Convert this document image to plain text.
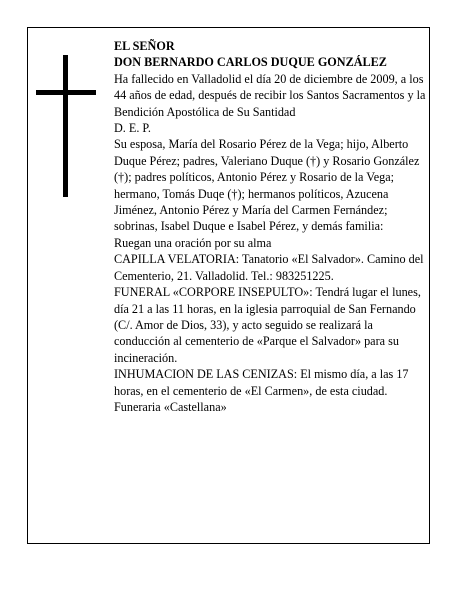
EL SEÑOR

DON BERNARDO CARLOS DUQUE GONZÁLEZ

Ha fallecido en Valladolid el día 20 de diciembre de 2009, a los 44 años de edad, después de recibir los Santos Sacramentos y la Bendición Apostólica de Su Santidad

D. E. P.

Su esposa, María del Rosario Pérez de la Vega; hijo, Alberto Duque Pérez; padres, Valeriano Duque (†) y Rosario González (†); padres políticos, Antonio Pérez y Rosario de la Vega; hermano, Tomás Duqe (†); hermanos políticos, Azucena Jiménez, Antonio Pérez y María del Carmen Fernández; sobrinas, Isabel Duque e Isabel Pérez, y demás familia:

Ruegan una oración por su alma

CAPILLA VELATORIA: Tanatorio «El Salvador». Camino del Cementerio, 21. Valladolid. Tel.: 983251225.

FUNERAL «CORPORE INSEPULTO»: Tendrá lugar el lunes, día 21 a las 11 horas, en la iglesia parroquial de San Fernando (C/. Amor de Dios, 33), y acto seguido se realizará la conducción al cementerio de «Parque el Salvador» para su incineración.

INHUMACION DE LAS CENIZAS: El mismo día, a las 17 horas, en el cementerio de «El Carmen», de esta ciudad.

Funeraria «Castellana»
